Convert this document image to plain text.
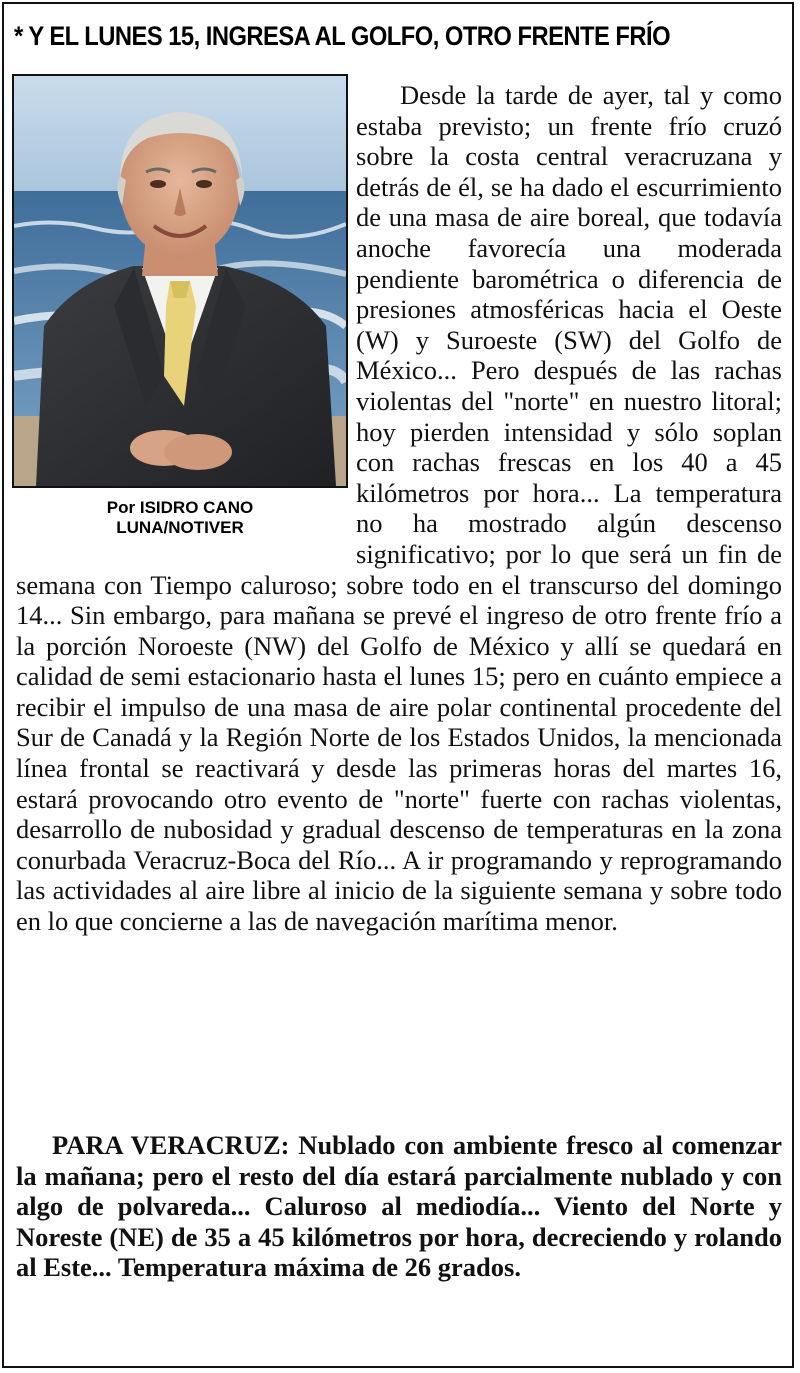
* Y EL LUNES 15, INGRESA AL GOLFO, OTRO FRENTE FRÍO

Desde la tarde de ayer, tal y como estaba previsto; un frente frío cruzó sobre la costa central veracruzana y detrás de él, se ha dado el escurrimiento de una masa de aire boreal, que todavía anoche favorecía una moderada pendiente barométrica o diferencia de presiones atmosféricas hacia el Oeste (W) y Suroeste (SW) del Golfo de México... Pero después de las rachas violentas del "norte" en nuestro litoral; hoy pierden intensidad y sólo soplan con rachas frescas en los 40 a 45 kilómetros por hora... La temperatura no ha mostrado algún descenso significativo; por lo que será un fin de semana con Tiempo caluroso; sobre todo en el transcurso del domingo 14... Sin embargo, para mañana se prevé el ingreso de otro frente frío a la porción Noroeste (NW) del Golfo de México y allí se quedará en calidad de semi estacionario hasta el lunes 15; pero en cuánto empiece a recibir el impulso de una masa de aire polar continental procedente del Sur de Canadá y la Región Norte de los Estados Unidos, la mencionada línea frontal se reactivará y desde las primeras horas del martes 16, estará provocando otro evento de "norte" fuerte con rachas violentas, desarrollo de nubosidad y gradual descenso de temperaturas en la zona conurbada Veracruz-Boca del Río... A ir programando y reprogramando las actividades al aire libre al inicio de la siguiente semana y sobre todo en lo que concierne a las de navegación marítima menor.

Por ISIDRO CANO
LUNA/NOTIVER

PARA VERACRUZ: Nublado con ambiente fresco al comenzar la mañana; pero el resto del día estará parcialmente nublado y con algo de polvareda... Caluroso al mediodía... Viento del Norte y Noreste (NE) de 35 a 45 kilómetros por hora, decreciendo y rolando al Este... Temperatura máxima de 26 grados.
